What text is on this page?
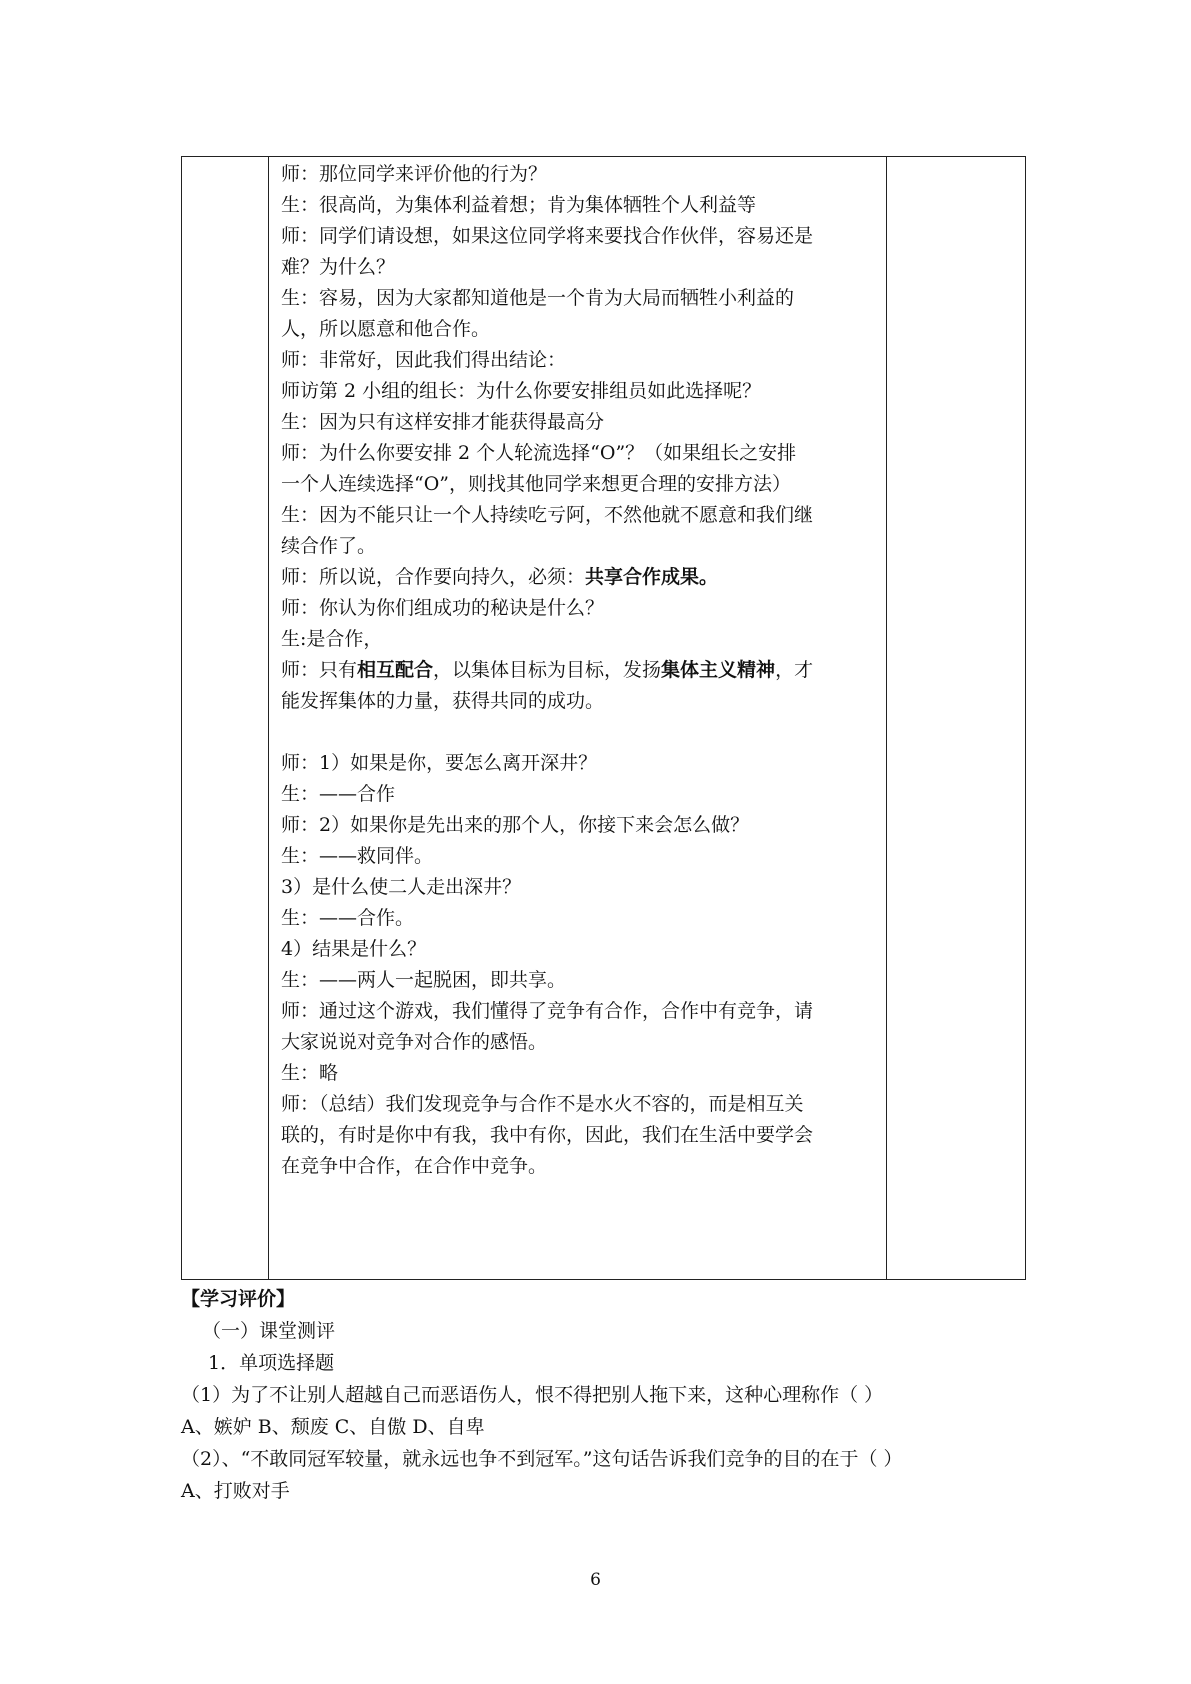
师：那位同学来评价他的行为？
生：很高尚，为集体利益着想；肯为集体牺牲个人利益等
师：同学们请设想，如果这位同学将来要找合作伙伴，容易还是
难？为什么？
生：容易，因为大家都知道他是一个肯为大局而牺牲小利益的
人，所以愿意和他合作。
师：非常好，因此我们得出结论：
师访第 2 小组的组长：为什么你要安排组员如此选择呢？
生：因为只有这样安排才能获得最高分
师：为什么你要安排 2 个人轮流选择“O”？（如果组长之安排
一个人连续选择“O”，则找其他同学来想更合理的安排方法）
生：因为不能只让一个人持续吃亏阿，不然他就不愿意和我们继
续合作了。
师：所以说，合作要向持久，必须：共享合作成果。
师：你认为你们组成功的秘诀是什么？
生:是合作，
师：只有相互配合，以集体目标为目标，发扬集体主义精神，才
能发挥集体的力量，获得共同的成功。
师：1）如果是你，要怎么离开深井？
生：——合作
师：2）如果你是先出来的那个人，你接下来会怎么做？
生：——救同伴。
3）是什么使二人走出深井？
生：——合作。
4）结果是什么？
生：——两人一起脱困，即共享。
师：通过这个游戏，我们懂得了竞争有合作，合作中有竞争，请
大家说说对竞争对合作的感悟。
生：略
师：（总结）我们发现竞争与合作不是水火不容的，而是相互关
联的，有时是你中有我，我中有你，因此，我们在生活中要学会
在竞争中合作，在合作中竞争。

【学习评价】
（一）课堂测评
1．单项选择题
（1）为了不让别人超越自己而恶语伤人，恨不得把别人拖下来，这种心理称作（ ）
A、嫉妒 B、颓废 C、自傲 D、自卑
（2）、“不敢同冠军较量，就永远也争不到冠军。”这句话告诉我们竞争的目的在于（ ）
A、打败对手
6
